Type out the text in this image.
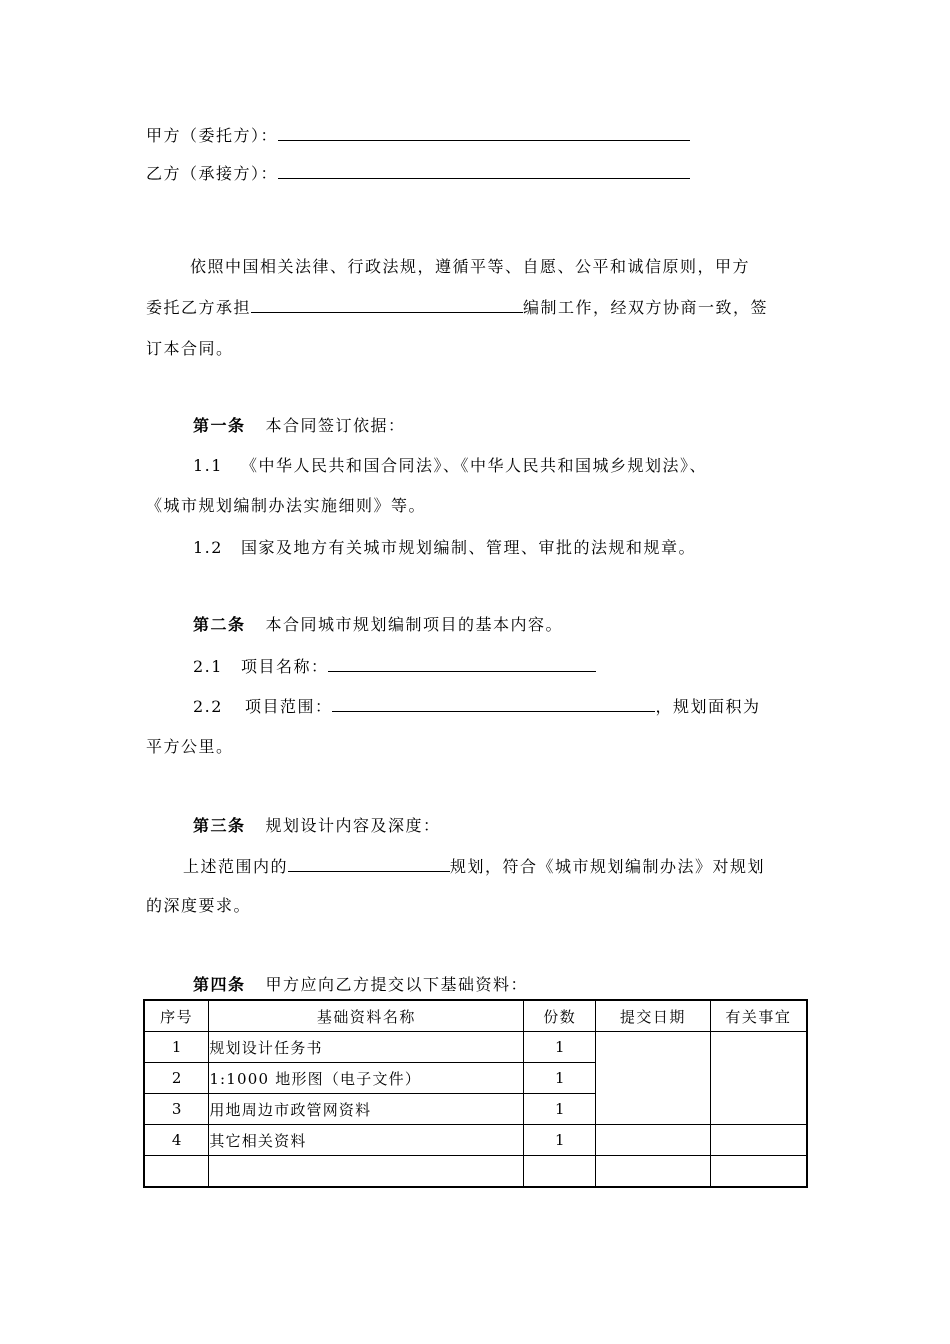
甲方（委托方）：
乙方（承接方）：
依照中国相关法律、行政法规，遵循平等、自愿、公平和诚信原则，甲方
委托乙方承担	编制工作，经双方协商一致，签
订本合同。
第一条 本合同签订依据：
1.1 《中华人民共和国合同法》、《中华人民共和国城乡规划法》、
《城市规划编制办法实施细则》等。
1.2 国家及地方有关城市规划编制、管理、审批的法规和规章。
第二条 本合同城市规划编制项目的基本内容。
2.1 项目名称：
2.2 项目范围：	，规划面积为
平方公里。
第三条 规划设计内容及深度：
上述范围内的	规划，符合《城市规划编制办法》对规划
的深度要求。
第四条 甲方应向乙方提交以下基础资料：
序号	基础资料名称	份数	提交日期	有关事宜
1	规划设计任务书	1		
2	1:1000 地形图（电子文件）	1		
3	用地周边市政管网资料	1		
4	其它相关资料	1		
